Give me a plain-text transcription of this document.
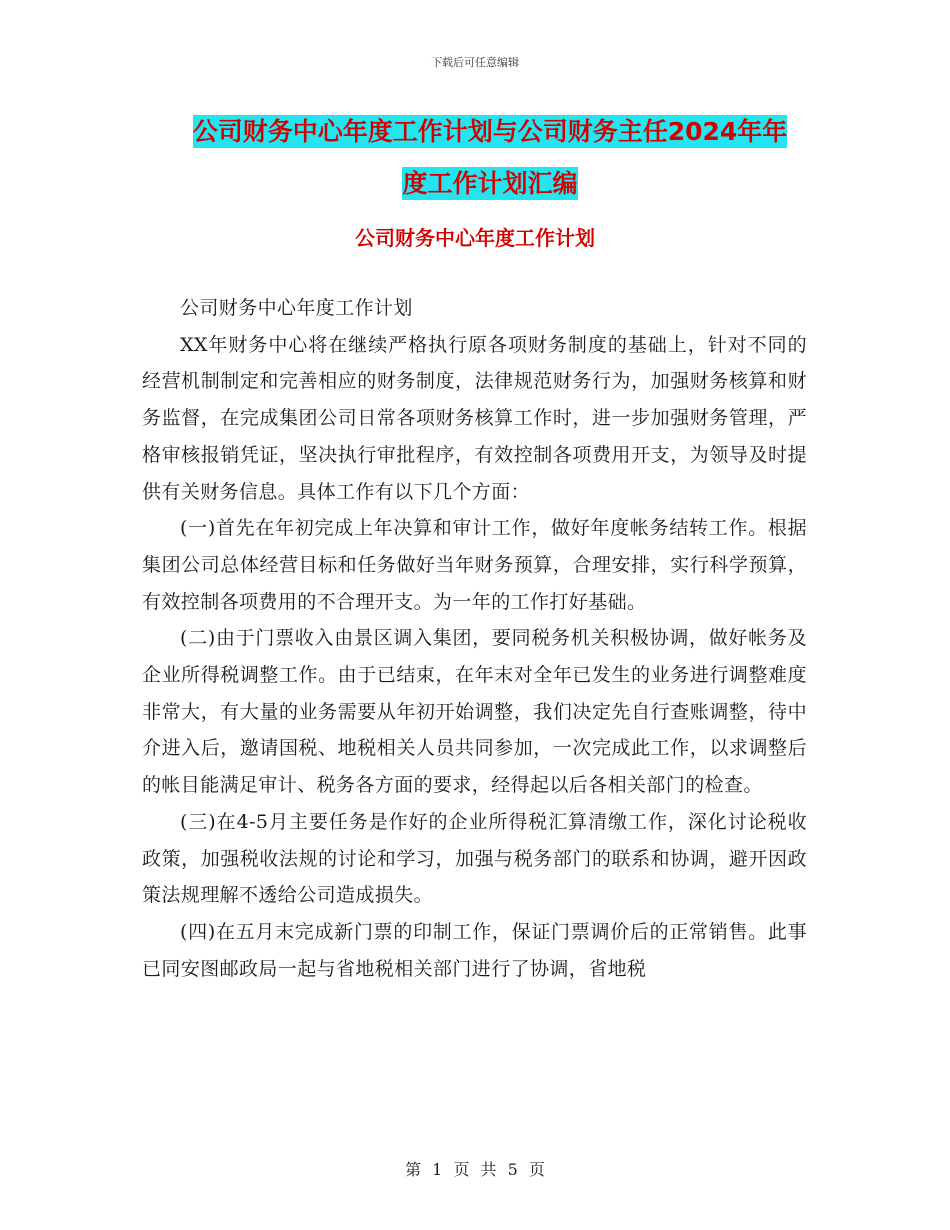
下载后可任意编辑
公司财务中心年度工作计划与公司财务主任2024年年
度工作计划汇编
公司财务中心年度工作计划

公司财务中心年度工作计划

XX年财务中心将在继续严格执行原各项财务制度的基础上，针对不同的经营机制制定和完善相应的财务制度，法律规范财务行为，加强财务核算和财务监督，在完成集团公司日常各项财务核算工作时，进一步加强财务管理，严格审核报销凭证，坚决执行审批程序，有效控制各项费用开支，为领导及时提供有关财务信息。具体工作有以下几个方面：

(一)首先在年初完成上年决算和审计工作，做好年度帐务结转工作。根据集团公司总体经营目标和任务做好当年财务预算，合理安排，实行科学预算，有效控制各项费用的不合理开支。为一年的工作打好基础。

(二)由于门票收入由景区调入集团，要同税务机关积极协调，做好帐务及企业所得税调整工作。由于已结束，在年末对全年已发生的业务进行调整难度非常大，有大量的业务需要从年初开始调整，我们决定先自行查账调整，待中介进入后，邀请国税、地税相关人员共同参加，一次完成此工作，以求调整后的帐目能满足审计、税务各方面的要求，经得起以后各相关部门的检查。

(三)在4-5月主要任务是作好的企业所得税汇算清缴工作，深化讨论税收政策，加强税收法规的讨论和学习，加强与税务部门的联系和协调，避开因政策法规理解不透给公司造成损失。

(四)在五月末完成新门票的印制工作，保证门票调价后的正常销售。此事已同安图邮政局一起与省地税相关部门进行了协调，省地税

第 1 页 共 5 页
